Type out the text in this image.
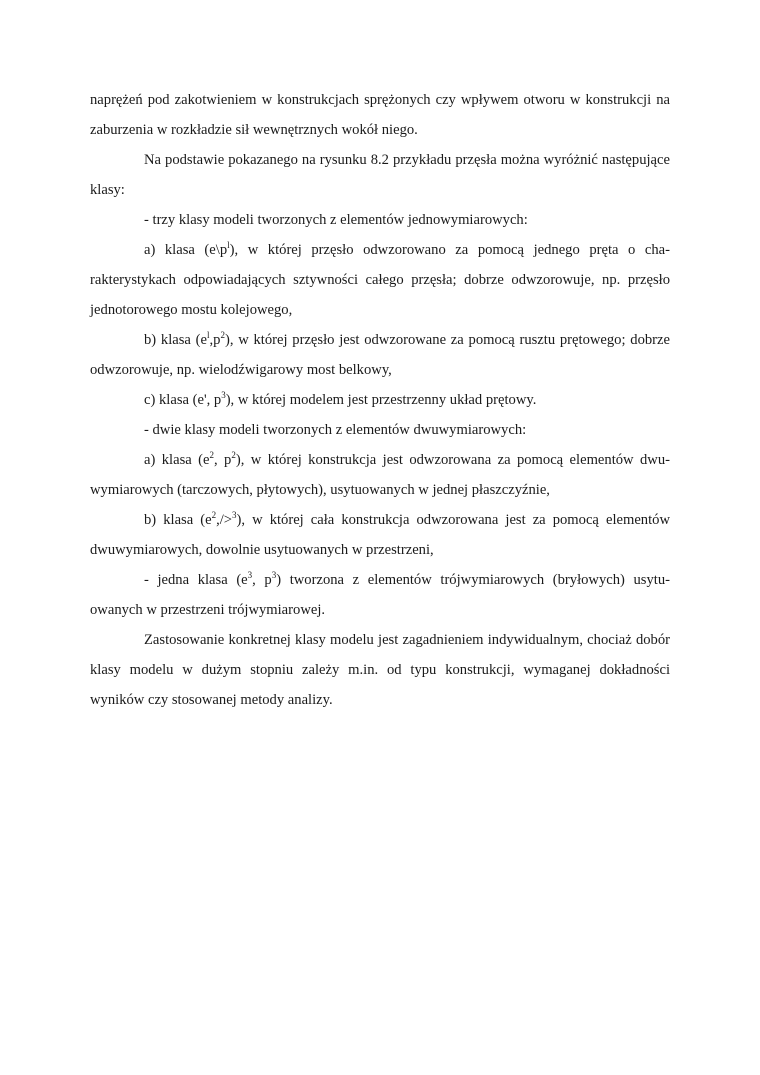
naprężeń pod zakotwieniem w konstrukcjach sprężonych czy wpływem otworu w konstrukcji na zaburzenia w rozkładzie sił wewnętrznych wokół niego.

Na podstawie pokazanego na rysunku 8.2 przykładu przęsła można wyróżnić następujące klasy:

- trzy klasy modeli tworzonych z elementów jednowymiarowych:

a) klasa $(e\backslash p^l)$, w której przęsło odwzorowano za pomocą jednego pręta o cha-rakterystykach odpowiadających sztywności całego przęsła; dobrze odwzorowuje, np. przęsło jednotorowego mostu kolejowego,

b) klasa $(e^l,p^2)$, w której przęsło jest odwzorowane za pomocą rusztu prętowego; dobrze odwzorowuje, np. wielodźwigarowy most belkowy,

c) klasa (e', $p^3$), w której modelem jest przestrzenny układ prętowy.

- dwie klasy modeli tworzonych z elementów dwuwymiarowych:

a) klasa ($e^2$, $p^2$), w której konstrukcja jest odwzorowana za pomocą elementów dwu-wymiarowych (tarczowych, płytowych), usytuowanych w jednej płaszczyźnie,

b) klasa $(e^2,/>^3)$, w której cała konstrukcja odwzorowana jest za pomocą elementów dwuwymiarowych, dowolnie usytuowanych w przestrzeni,

- jedna klasa ($e^3$, $p^3$) tworzona z elementów trójwymiarowych (bryłowych) usytu-owanych w przestrzeni trójwymiarowej.

Zastosowanie konkretnej klasy modelu jest zagadnieniem indywidualnym, chociaż dobór klasy modelu w dużym stopniu zależy m.in. od typu konstrukcji, wymaganej dokładności wyników czy stosowanej metody analizy.
